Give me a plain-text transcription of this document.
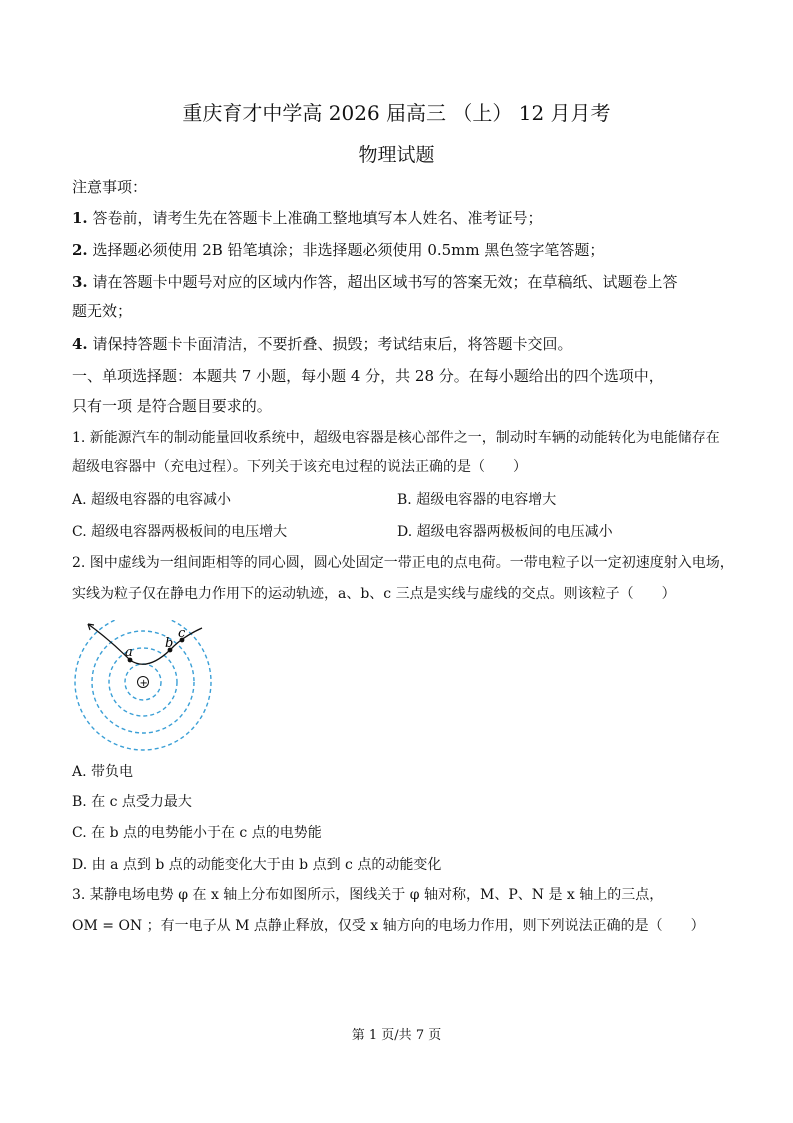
重庆育才中学高 2026 届高三 （上） 12 月月考
物理试题
注意事项：
1. 答卷前，请考生先在答题卡上准确工整地填写本人姓名、准考证号；
2. 选择题必须使用 2B 铅笔填涂；非选择题必须使用 0.5mm 黑色签字笔答题；
3. 请在答题卡中题号对应的区域内作答，超出区域书写的答案无效；在草稿纸、试题卷上答
题无效；
4. 请保持答题卡卡面清洁，不要折叠、损毁；考试结束后，将答题卡交回。
一、单项选择题：本题共 7 小题，每小题 4 分，共 28 分。在每小题给出的四个选项中，
只有一项 是符合题目要求的。
1. 新能源汽车的制动能量回收系统中，超级电容器是核心部件之一，制动时车辆的动能转化为电能储存在
超级电容器中（充电过程）。下列关于该充电过程的说法正确的是（　　）
A. 超级电容器的电容减小	B. 超级电容器的电容增大
C. 超级电容器两极板间的电压增大	D. 超级电容器两极板间的电压减小
2. 图中虚线为一组间距相等的同心圆，圆心处固定一带正电的点电荷。一带电粒子以一定初速度射入电场，
实线为粒子仅在静电力作用下的运动轨迹，a、b、c 三点是实线与虚线的交点。则该粒子（　　）
a
b
c
+
A. 带负电
B. 在 c 点受力最大
C. 在 b 点的电势能小于在 c 点的电势能
D. 由 a 点到 b 点的动能变化大于由 b 点到 c 点的动能变化
3. 某静电场电势 φ 在 x 轴上分布如图所示，图线关于 φ 轴对称，M、P、N 是 x 轴上的三点，
OM = ON ；有一电子从 M 点静止释放，仅受 x 轴方向的电场力作用，则下列说法正确的是（　　）
第 1 页/共 7 页
